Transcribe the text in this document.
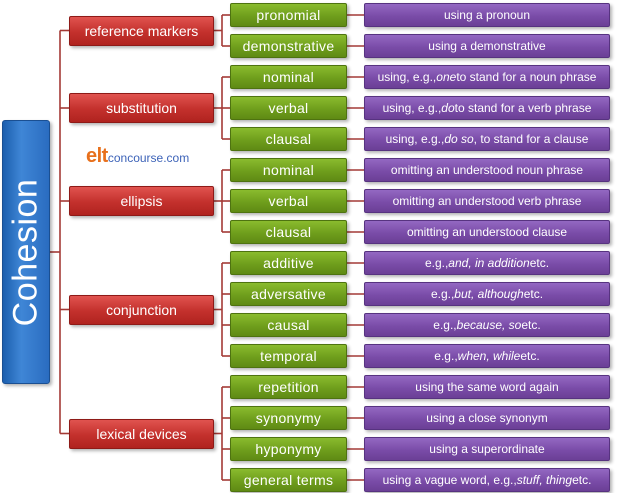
Cohesion
eltconcourse.com
pronomial	using a pronoun
demonstrative	using a demonstrative
reference markers
nominal	using, e.g., one to stand for a noun phrase
verbal	using, e.g., do to stand for a verb phrase
clausal	using, e.g., do so , to stand for a clause
substitution
nominal	omitting an understood noun phrase
verbal	omitting an understood verb phrase
clausal	omitting an understood clause
ellipsis
additive	e.g., and, in addition etc.
adversative	e.g., but, although etc.
causal	e.g., because, so etc.
temporal	e.g., when, while etc.
conjunction
repetition	using the same word again
synonymy	using a close synonym
hyponymy	using a superordinate
general terms	using a vague word, e.g., stuff, thing etc.
lexical devices
